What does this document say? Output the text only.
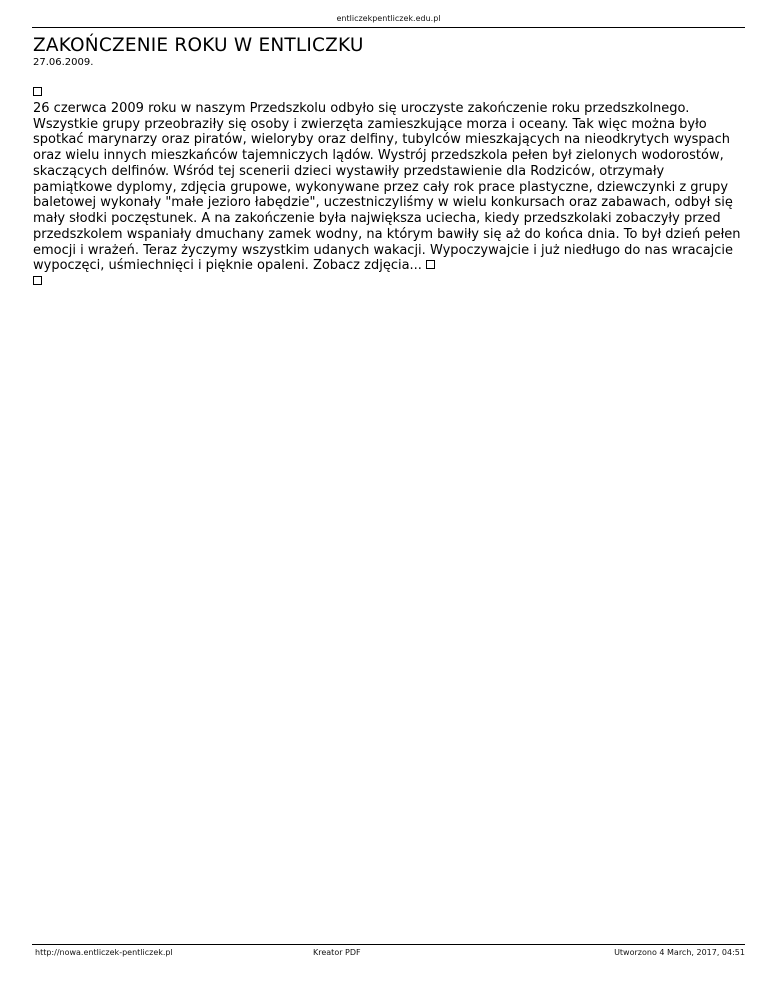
entliczekpentliczek.edu.pl
ZAKOŃCZENIE ROKU W ENTLICZKU
27.06.2009.
26 czerwca 2009 roku w naszym Przedszkolu odbyło się uroczyste zakończenie roku przedszkolnego. Wszystkie grupy przeobraziły się osoby i zwierzęta zamieszkujące morza i oceany. Tak więc można było spotkać marynarzy oraz piratów, wieloryby oraz delfiny, tubylców mieszkających na nieodkrytych wyspach oraz wielu innych mieszkańców tajemniczych lądów. Wystrój przedszkola pełen był zielonych wodorostów, skaczących delfinów. Wśród tej scenerii dzieci wystawiły przedstawienie dla Rodziców, otrzymały pamiątkowe dyplomy, zdjęcia grupowe, wykonywane przez cały rok prace plastyczne, dziewczynki z grupy baletowej wykonały "małe jezioro łabędzie", uczestniczyliśmy w wielu konkursach oraz zabawach, odbył się mały słodki poczęstunek. A na zakończenie była największa uciecha, kiedy przedszkolaki zobaczyły przed przedszkolem wspaniały dmuchany zamek wodny, na którym bawiły się aż do końca dnia. To był dzień pełen emocji i wrażeń. Teraz życzymy wszystkim udanych wakacji. Wypoczywajcie i już niedługo do nas wracajcie wypoczęci, uśmiechnięci i pięknie opaleni. Zobacz zdjęcia...
http://nowa.entliczek-pentliczek.pl	Kreator PDF	Utworzono 4 March, 2017, 04:51
